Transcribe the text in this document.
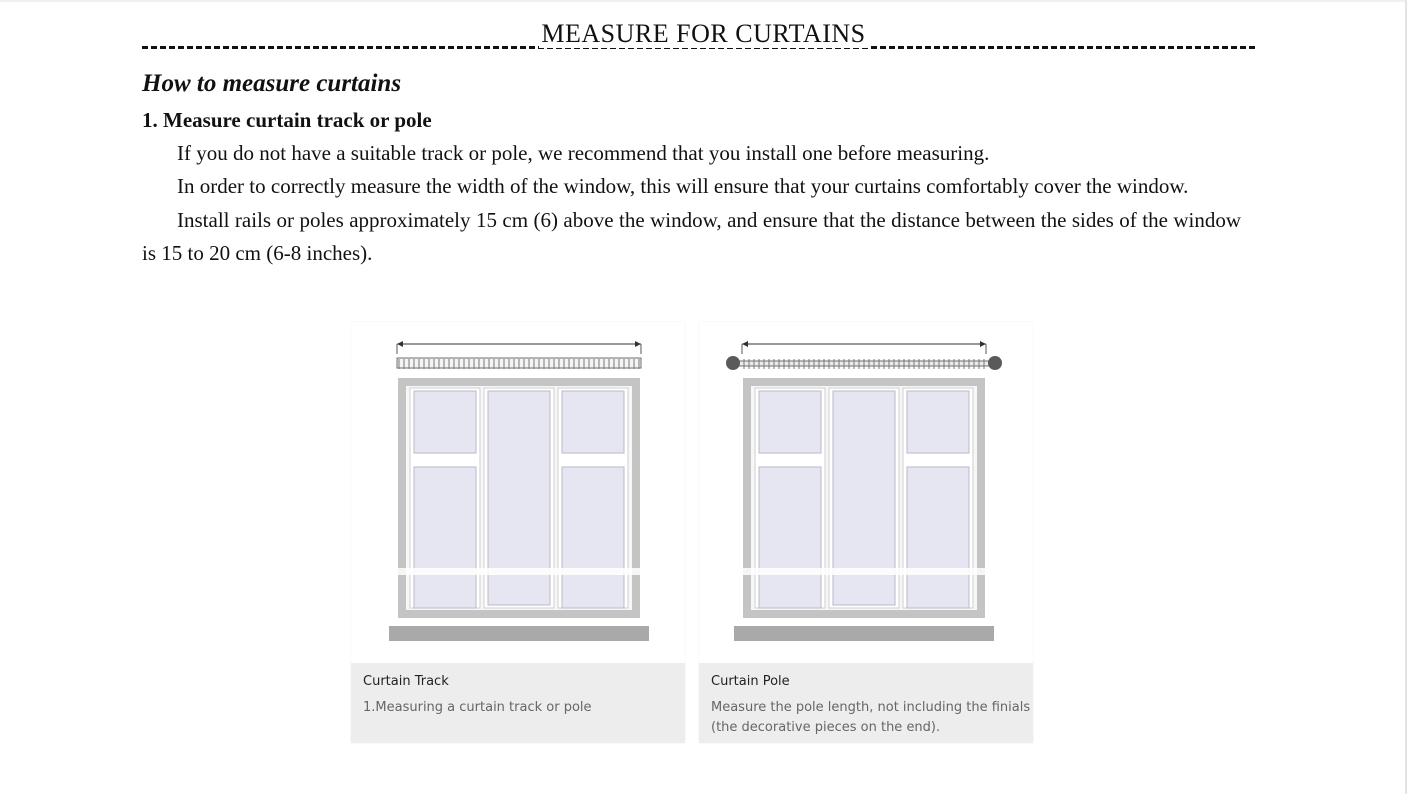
MEASURE FOR CURTAINS
How to measure curtains
1. Measure curtain track or pole

If you do not have a suitable track or pole, we recommend that you install one before measuring.

In order to correctly measure the width of the window, this will ensure that your curtains comfortably cover the window.

Install rails or poles approximately 15 cm (6) above the window, and ensure that the distance between the sides of the window is 15 to 20 cm (6-8 inches).

Curtain Track
1.Measuring a curtain track or pole
Curtain Pole
Measure the pole length, not including the finials (the decorative pieces on the end).
